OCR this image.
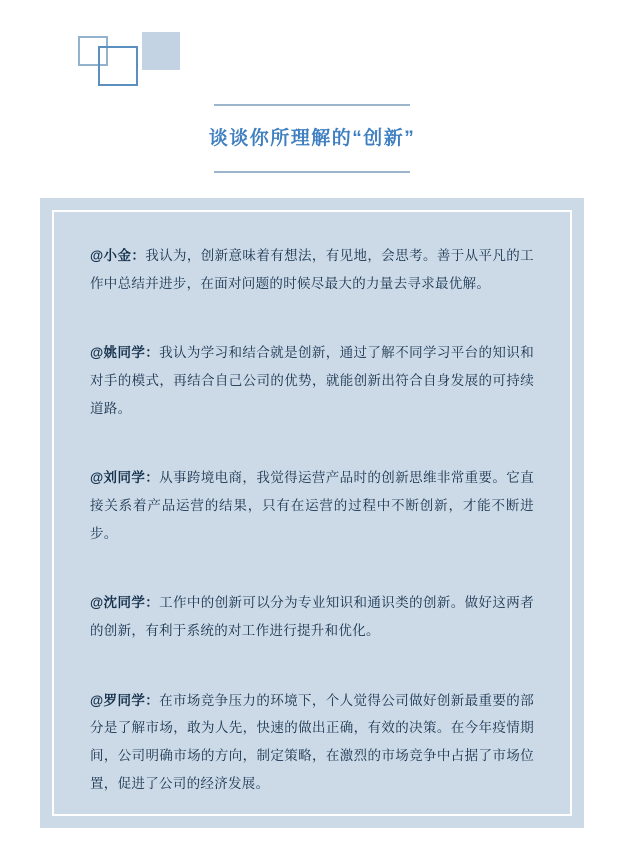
谈谈你所理解的“创新”
@小金：我认为，创新意味着有想法，有见地，会思考。善于从平凡的工作中总结并进步，在面对问题的时候尽最大的力量去寻求最优解。
@姚同学：我认为学习和结合就是创新，通过了解不同学习平台的知识和对手的模式，再结合自己公司的优势，就能创新出符合自身发展的可持续道路。
@刘同学：从事跨境电商，我觉得运营产品时的创新思维非常重要。它直接关系着产品运营的结果，只有在运营的过程中不断创新，才能不断进步。
@沈同学：工作中的创新可以分为专业知识和通识类的创新。做好这两者的创新，有利于系统的对工作进行提升和优化。
@罗同学：在市场竞争压力的环境下，个人觉得公司做好创新最重要的部分是了解市场，敢为人先，快速的做出正确，有效的决策。在今年疫情期间，公司明确市场的方向，制定策略，在激烈的市场竞争中占据了市场位置，促进了公司的经济发展。
